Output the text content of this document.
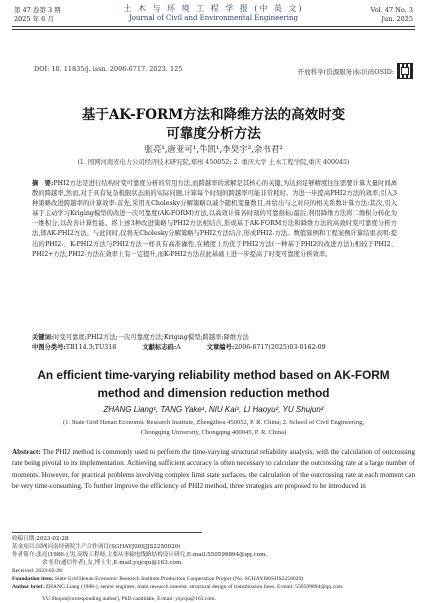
第 47 卷第 3 期
2025 年 6 月
土 木 与 环 境 工 程 学 报 (中 英 文)
Journal of Civil and Environmental Engineering
Vol. 47 No. 3
Jun. 2025
DOI: 10. 11835/j. issn. 2096-6717. 2023. 125	开放科学(资源服务)标识码OSID:
基于AK-FORM方法和降维方法的高效时变
可靠度分析方法
张亮¹,唐亚可¹,牛凯¹,李昊宇²,余书君²
(1. 国网河南省电力公司经济技术研究院,郑州 450052; 2. 重庆大学 土木工程学院,重庆 400045)
摘　要:PHI2方法是进行结构时变可靠度分析的常用方法,而跨越率的求解是其核心的关键,为达到足够精度往往需要计算大量时间离散的跨越率,然而,对于具有复杂极限状态面的实际问题,计算每个时刻的跨越率可能非常耗时。为进一步提高PHI2方法的效率,引入3种策略改进跨越率的计算效率:首先,采用无Cholesky分解策略以减少随机变量数目,并给出与之对应的相关系数计算方法;其次,引入基于主动学习Kriging模型的改进一次可靠度(AK-FORM)方法,以高效计算各时刻的可靠指标;最后,利用降维方法将二维积分转化为一维积分,以改善计算性能。将上述3种改进策略与PHI2方法相结合,形成基于AK-FORM方法和降维方法的高效时变可靠度分析方法,即AK-PHI2方法。与此同时,仅将无Cholesky分解策略与PHI2方法结合,形成PHI2-方法。数值算例和工程案例计算结果表明:提出的PHI2-、K-PHI2方法与PHI2方法一样具有高准确性,在精度上均优于PHI2方法(一种基于PHI2的改进方法);相较于PHI2、PHI2+方法,PHI2-方法在效率上有一定提升,而K-PHI2方法在此基础上进一步提高了时变可靠度分析效率。
关键词:时变可靠度;PHI2方法;一次可靠度方法;Kriging模型;跨越率;降维方法
中图分类号:TB114.3;TU318	文献标志码:A	文章编号:2096-6717(2025)03-0162-09
An efficient time-varying reliability method based on AK-FORM
method and dimension reduction method
ZHANG Liang¹, TANG Yake¹, NIU Kai¹, LI Haoyu², YU Shujun²
(1. State Grid Henan Economic Research Institute, Zhengzhou 450052, P. R. China; 2. School of Civil Engineering,
Chongqing University, Chongqing 400045, P. R. China)
Abstract: The PHI2 method is commonly used to perform the time-varying structural reliability analysis, with the calculation of outcrossing rate being pivotal to its implementation. Achieving sufficient accuracy is often necessary to calculate the outcrossing rate at a large number of moments. However, for practical problems involving complex limit state surfaces, the calculation of the outcrossing rate at each moment can be very time-consuming. To further improve the efficiency of PHI2 method, three strategies are proposed to be introduced in
收稿日期:2023-02-28
基金项目:国网河南经研院生产合作项目(SGHAYJ00SJJS2250020)
作者简介:张亮(1986-),男,高级工程师,主要从事输电线路结构设计研究,E-mail:550599894@qq.com。
余书君(通信作者),女,博士生,E-mail:ysjcqu@163.com。
Received: 2023-02-28
Foundation item: State Grid Henan Economic Research Institute Production Cooperation Project (No. SGHAYJ00SJJS2250020)
Author brief: ZHANG Liang (1986-), senior engineer, main research interest: structural design of transmission lines, E-mail: 550599894@qq.com.
YU Shujun(corresponding author), PhD candidate, E-mail: ysjcqu@163.com.
